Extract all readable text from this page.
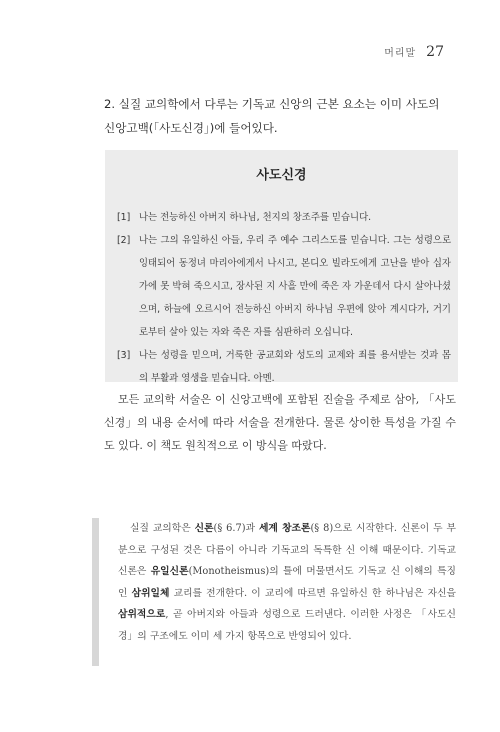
머리말 27

2. 실질 교의학에서 다루는 기독교 신앙의 근본 요소는 이미 사도의 신앙고백(「사도신경」)에 들어있다.

사도신경
[1] 나는 전능하신 아버지 하나님, 천지의 창조주를 믿습니다.
[2] 나는 그의 유일하신 아들, 우리 주 예수 그리스도를 믿습니다. 그는 성령으로 잉태되어 동정녀 마리아에게서 나시고, 본디오 빌라도에게 고난을 받아 십자가에 못 박혀 죽으시고, 장사된 지 사흘 만에 죽은 자 가운데서 다시 살아나셨으며, 하늘에 오르시어 전능하신 아버지 하나님 우편에 앉아 계시다가, 거기로부터 살아 있는 자와 죽은 자를 심판하러 오십니다.
[3] 나는 성령을 믿으며, 거룩한 공교회와 성도의 교제와 죄를 용서받는 것과 몸의 부활과 영생을 믿습니다. 아멘.

모든 교의학 서술은 이 신앙고백에 포함된 진술을 주제로 삼아, 「사도신경」의 내용 순서에 따라 서술을 전개한다. 물론 상이한 특성을 가질 수도 있다. 이 책도 원칙적으로 이 방식을 따랐다.

실질 교의학은 신론(§ 6.7)과 세계 창조론(§ 8)으로 시작한다. 신론이 두 부분으로 구성된 것은 다름이 아니라 기독교의 독특한 신 이해 때문이다. 기독교 신론은 유일신론(Monotheismus)의 틀에 머물면서도 기독교 신 이해의 특징인 삼위일체 교리를 전개한다. 이 교리에 따르면 유일하신 한 하나님은 자신을 삼위적으로, 곧 아버지와 아들과 성령으로 드러낸다. 이러한 사정은 「사도신경」의 구조에도 이미 세 가지 항목으로 반영되어 있다.
